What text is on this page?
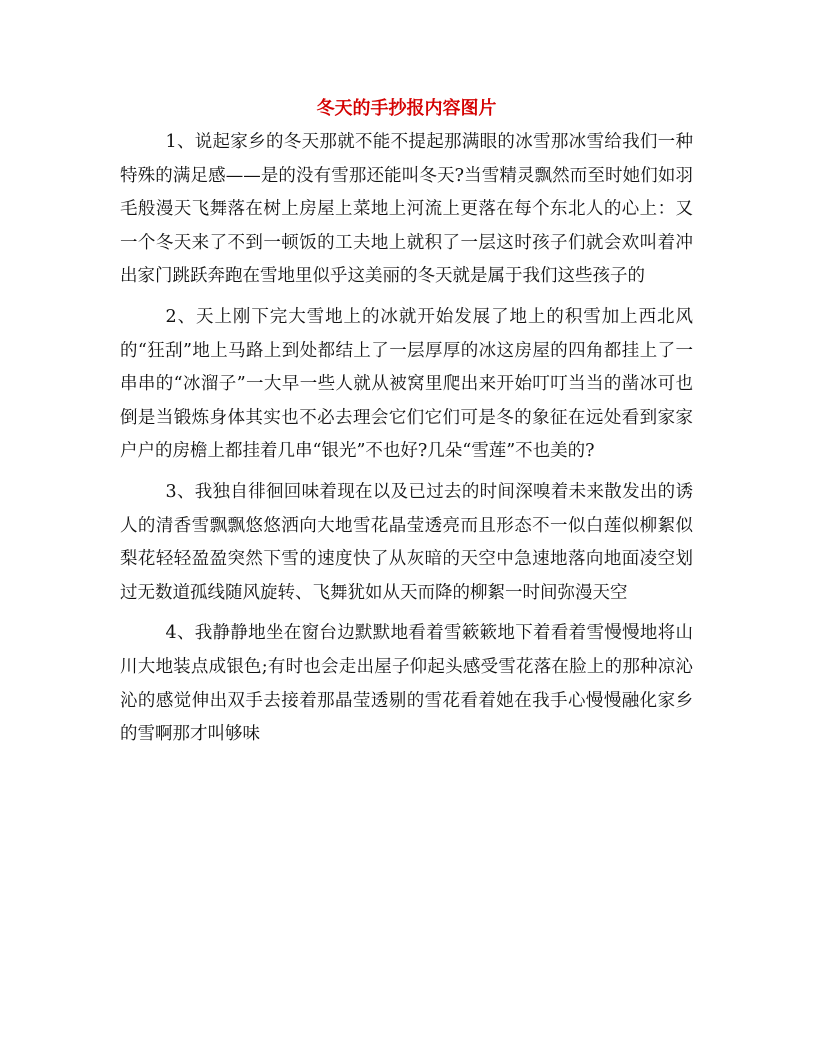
冬天的手抄报内容图片

1、说起家乡的冬天那就不能不提起那满眼的冰雪那冰雪给我们一种特殊的满足感——是的没有雪那还能叫冬天?当雪精灵飘然而至时她们如羽毛般漫天飞舞落在树上房屋上菜地上河流上更落在每个东北人的心上：又一个冬天来了不到一顿饭的工夫地上就积了一层这时孩子们就会欢叫着冲出家门跳跃奔跑在雪地里似乎这美丽的冬天就是属于我们这些孩子的

2、天上刚下完大雪地上的冰就开始发展了地上的积雪加上西北风的“狂刮”地上马路上到处都结上了一层厚厚的冰这房屋的四角都挂上了一串串的“冰溜子”一大早一些人就从被窝里爬出来开始叮叮当当的凿冰可也倒是当锻炼身体其实也不必去理会它们它们可是冬的象征在远处看到家家户户的房檐上都挂着几串“银光”不也好?几朵“雪莲”不也美的?

3、我独自徘徊回味着现在以及已过去的时间深嗅着未来散发出的诱人的清香雪飘飘悠悠洒向大地雪花晶莹透亮而且形态不一似白莲似柳絮似梨花轻轻盈盈突然下雪的速度快了从灰暗的天空中急速地落向地面凌空划过无数道孤线随风旋转、飞舞犹如从天而降的柳絮一时间弥漫天空

4、我静静地坐在窗台边默默地看着雪簌簌地下着看着雪慢慢地将山川大地装点成银色;有时也会走出屋子仰起头感受雪花落在脸上的那种凉沁沁的感觉伸出双手去接着那晶莹透剔的雪花看着她在我手心慢慢融化家乡的雪啊那才叫够味
